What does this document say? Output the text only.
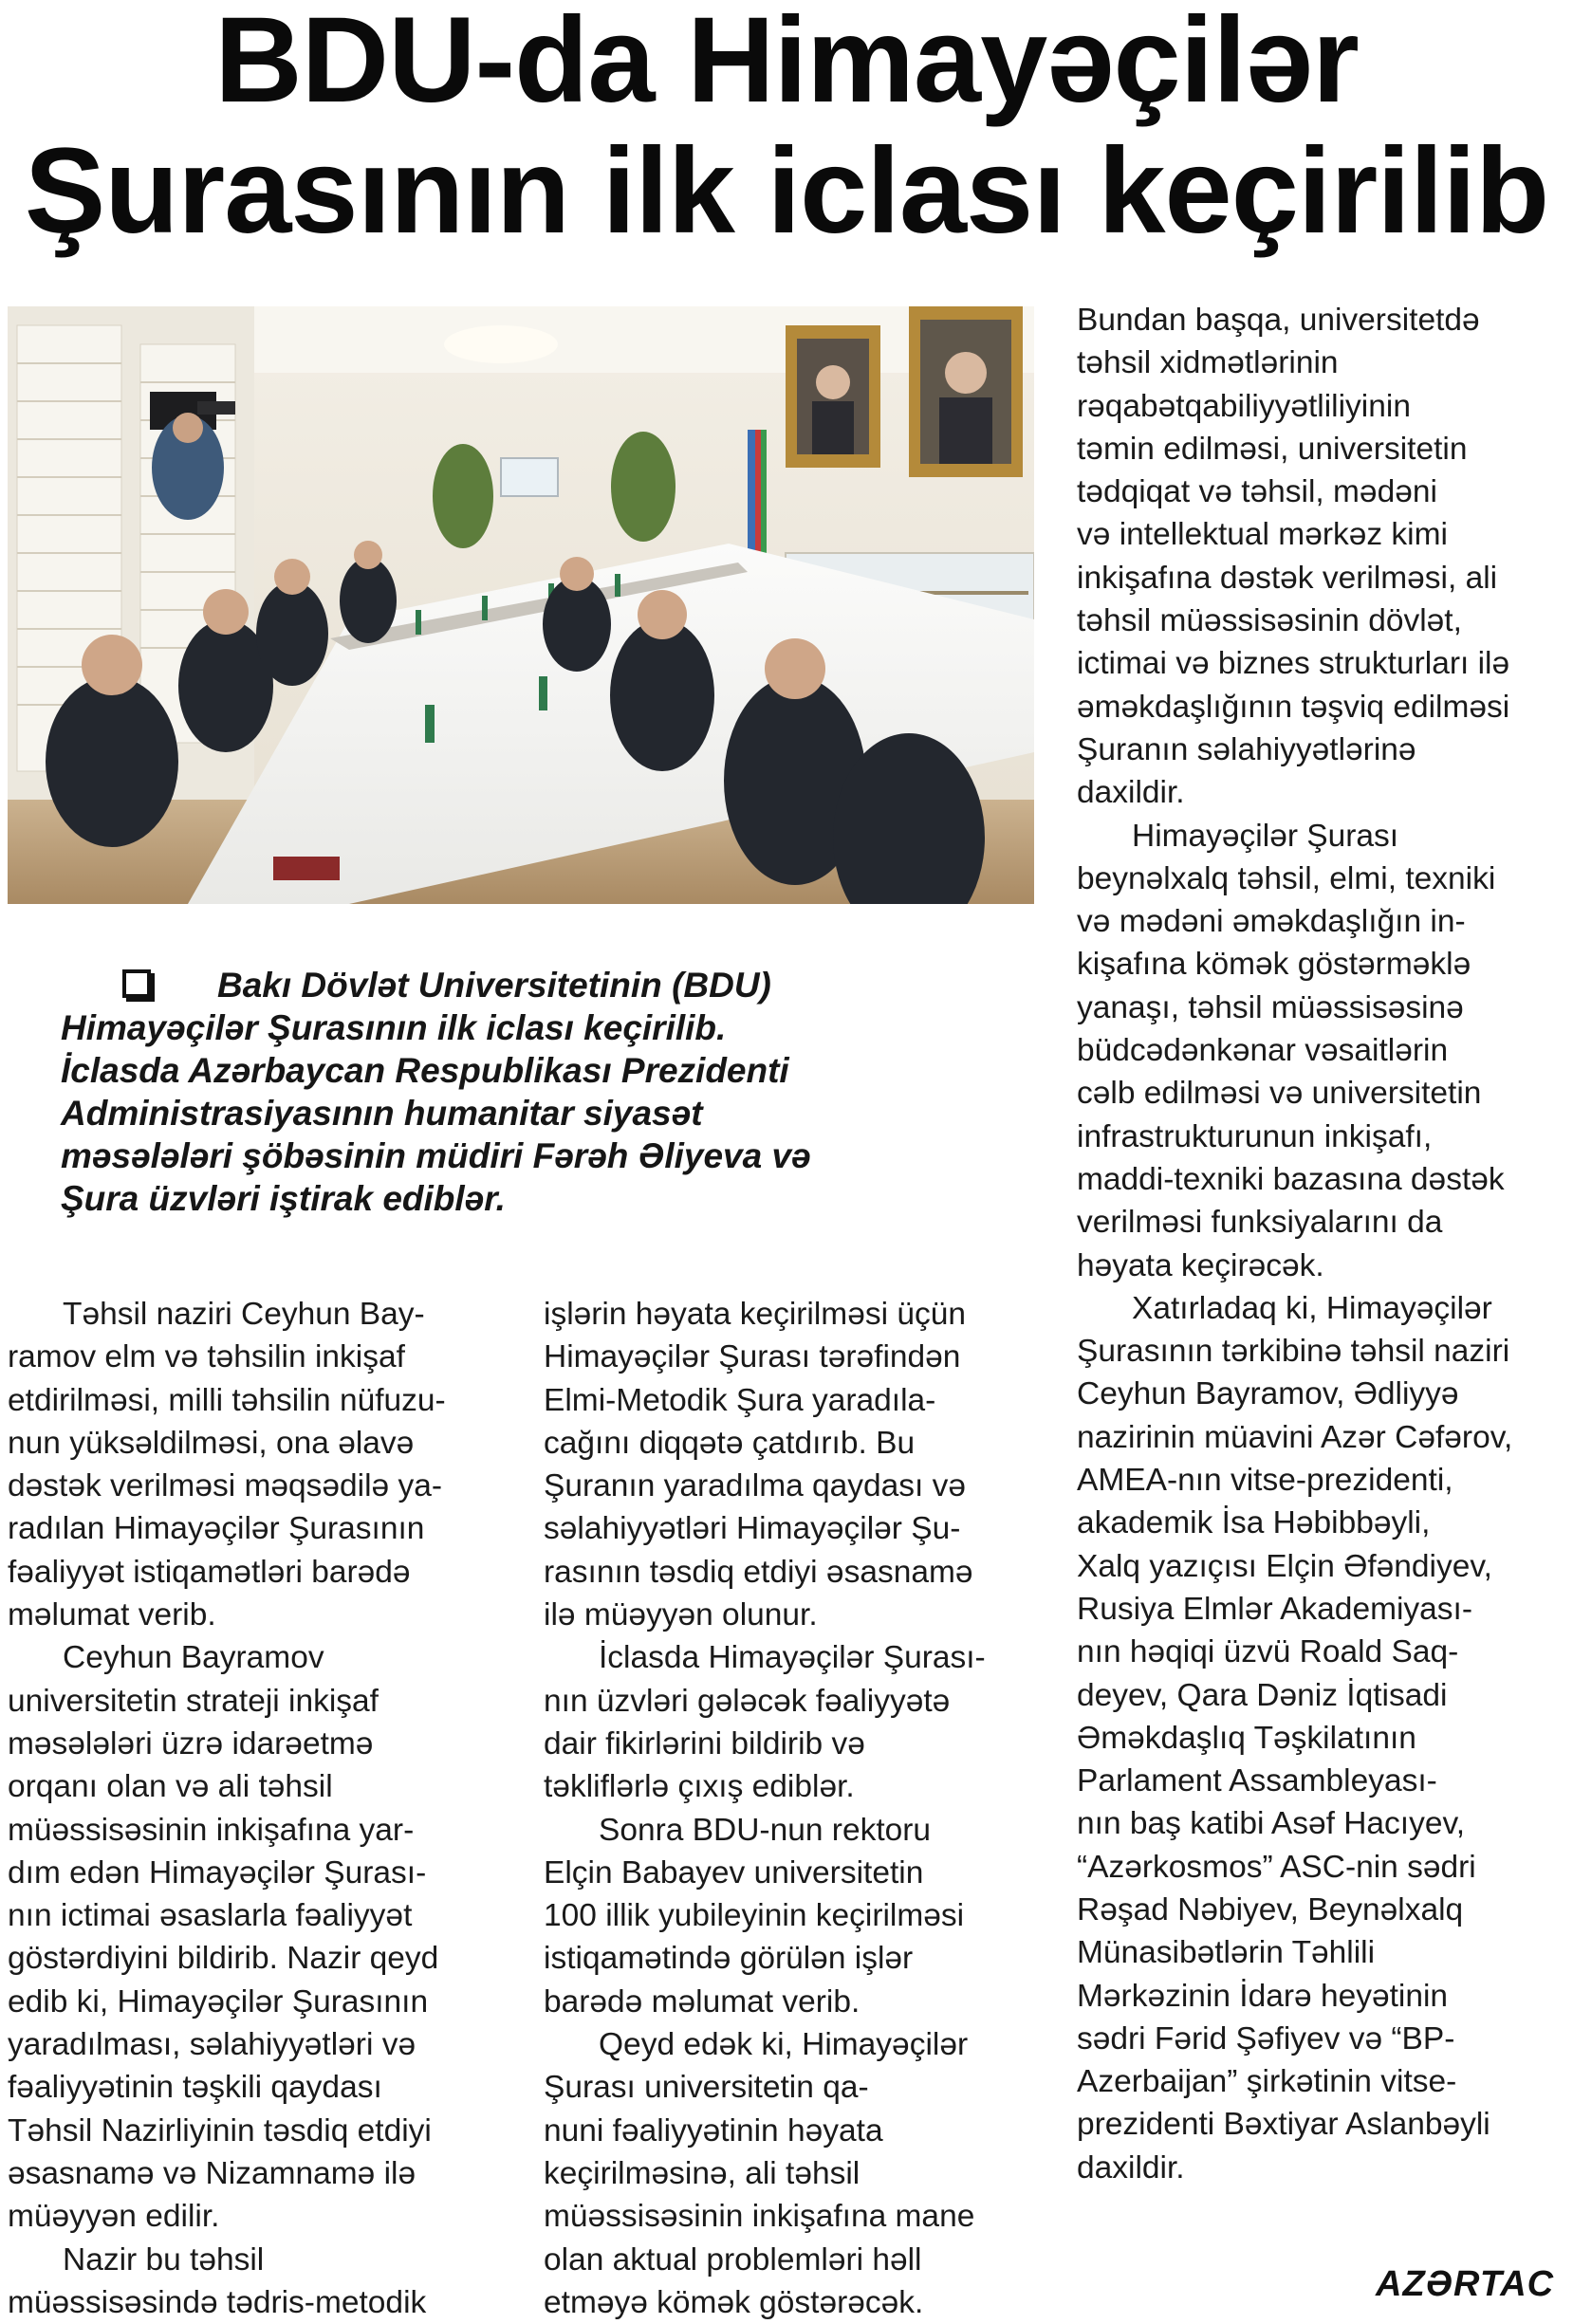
BDU-da Himayəçilər
Şurasının ilk iclası keçirilib

Bakı Dövlət Universitetinin (BDU)
Himayəçilər Şurasının ilk iclası keçirilib.
İclasda Azərbaycan Respublikası Prezidenti
Administrasiyasının humanitar siyasət
məsələləri şöbəsinin müdiri Fərəh Əliyeva və
Şura üzvləri iştirak ediblər.

Təhsil naziri Ceyhun Bay-
ramov elm və təhsilin inkişaf
etdirilməsi, milli təhsilin nüfuzu-
nun yüksəldilməsi, ona əlavə
dəstək verilməsi məqsədilə ya-
radılan Himayəçilər Şurasının
fəaliyyət istiqamətləri barədə
məlumat verib.
Ceyhun Bayramov
universitetin strateji inkişaf
məsələləri üzrə idarəetmə
orqanı olan və ali təhsil
müəssisəsinin inkişafına yar-
dım edən Himayəçilər Şurası-
nın ictimai əsaslarla fəaliyyət
göstərdiyini bildirib. Nazir qeyd
edib ki, Himayəçilər Şurasının
yaradılması, səlahiyyətləri və
fəaliyyətinin təşkili qaydası
Təhsil Nazirliyinin təsdiq etdiyi
əsasnamə və Nizamnamə ilə
müəyyən edilir.
Nazir bu təhsil
müəssisəsində tədris-metodik
işlərin həyata keçirilməsi üçün
Himayəçilər Şurası tərəfindən
Elmi-Metodik Şura yaradıla-
cağını diqqətə çatdırıb. Bu
Şuranın yaradılma qaydası və
səlahiyyətləri Himayəçilər Şu-
rasının təsdiq etdiyi əsasnamə
ilə müəyyən olunur.
İclasda Himayəçilər Şurası-
nın üzvləri gələcək fəaliyyətə
dair fikirlərini bildirib və
təkliflərlə çıxış ediblər.
Sonra BDU-nun rektoru
Elçin Babayev universitetin
100 illik yubileyinin keçirilməsi
istiqamətində görülən işlər
barədə məlumat verib.
Qeyd edək ki, Himayəçilər
Şurası universitetin qa-
nuni fəaliyyətinin həyata
keçirilməsinə, ali təhsil
müəssisəsinin inkişafına mane
olan aktual problemləri həll
etməyə kömək göstərəcək.
Bundan başqa, universitetdə
təhsil xidmətlərinin
rəqabətqabiliyyətliliyinin
təmin edilməsi, universitetin
tədqiqat və təhsil, mədəni
və intellektual mərkəz kimi
inkişafına dəstək verilməsi, ali
təhsil müəssisəsinin dövlət,
ictimai və biznes strukturları ilə
əməkdaşlığının təşviq edilməsi
Şuranın səlahiyyətlərinə
daxildir.
Himayəçilər Şurası
beynəlxalq təhsil, elmi, texniki
və mədəni əməkdaşlığın in-
kişafına kömək göstərməklə
yanaşı, təhsil müəssisəsinə
büdcədənkənar vəsaitlərin
cəlb edilməsi və universitetin
infrastrukturunun inkişafı,
maddi-texniki bazasına dəstək
verilməsi funksiyalarını da
həyata keçirəcək.
Xatırladaq ki, Himayəçilər
Şurasının tərkibinə təhsil naziri
Ceyhun Bayramov, Ədliyyə
nazirinin müavini Azər Cəfərov,
AMEA-nın vitse-prezidenti,
akademik İsa Həbibbəyli,
Xalq yazıçısı Elçin Əfəndiyev,
Rusiya Elmlər Akademiyası-
nın həqiqi üzvü Roald Saq-
deyev, Qara Dəniz İqtisadi
Əməkdaşlıq Təşkilatının
Parlament Assambleyası-
nın baş katibi Asəf Hacıyev,
“Azərkosmos” ASC-nin sədri
Rəşad Nəbiyev, Beynəlxalq
Münasibətlərin Təhlili
Mərkəzinin İdarə heyətinin
sədri Fərid Şəfiyev və “BP-
Azerbaijan” şirkətinin vitse-
prezidenti Bəxtiyar Aslanbəyli
daxildir.
AZƏRTAC
